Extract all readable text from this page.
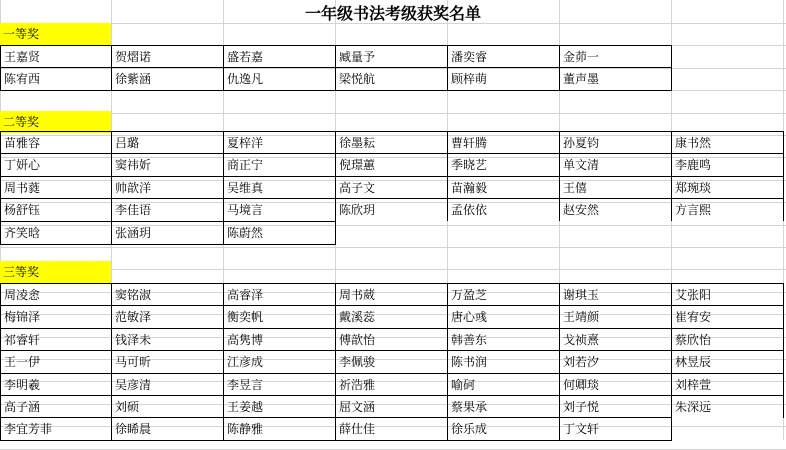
一年级书法考级获奖名单
一等奖
王嘉贤	贺熠诺	盛若嘉	臧量予	潘奕睿	金茆一
陈宥西	徐紫涵	仇逸凡	梁悦航	顾梓萌	董声墨
二等奖
苗雅容	吕璐	夏梓洋	徐墨耘	曹轩腾	孙夏钧	康书然
丁妍心	窦祎妡	商正宁	倪璟蕙	季晓艺	单文清	李鹿鸣
周书蕤	帅歆洋	吴维真	高子文	苗瀚毅	王僖	郑琬琰
杨舒钰	李佳语	马境言	陈欣玥	孟依依	赵安然	方言熙
齐笑晗	张涵玥	陈蔚然
三等奖
周凌悆	窦铭淑	高睿泽	周书葳	万盈芝	谢琪玉	艾张阳
梅锦泽	范敏泽	衡奕帆	戴溪蕊	唐心彧	王靖颜	崔宥安
祁睿轩	钱泽未	高隽博	傅歆怡	韩善东	戈祯熹	蔡欣怡
王一伊	马可昕	江彦成	李佩骏	陈书润	刘若汐	林昱辰
李明羲	吴彦清	李昱言	祈浩雅	喻砢	何卿琰	刘梓萱
高子涵	刘硕	王姜越	屈文涵	蔡果承	刘子悦	朱深远
李宜芳菲	徐睎晨	陈静雅	薛仕佳	徐乐成	丁文轩
